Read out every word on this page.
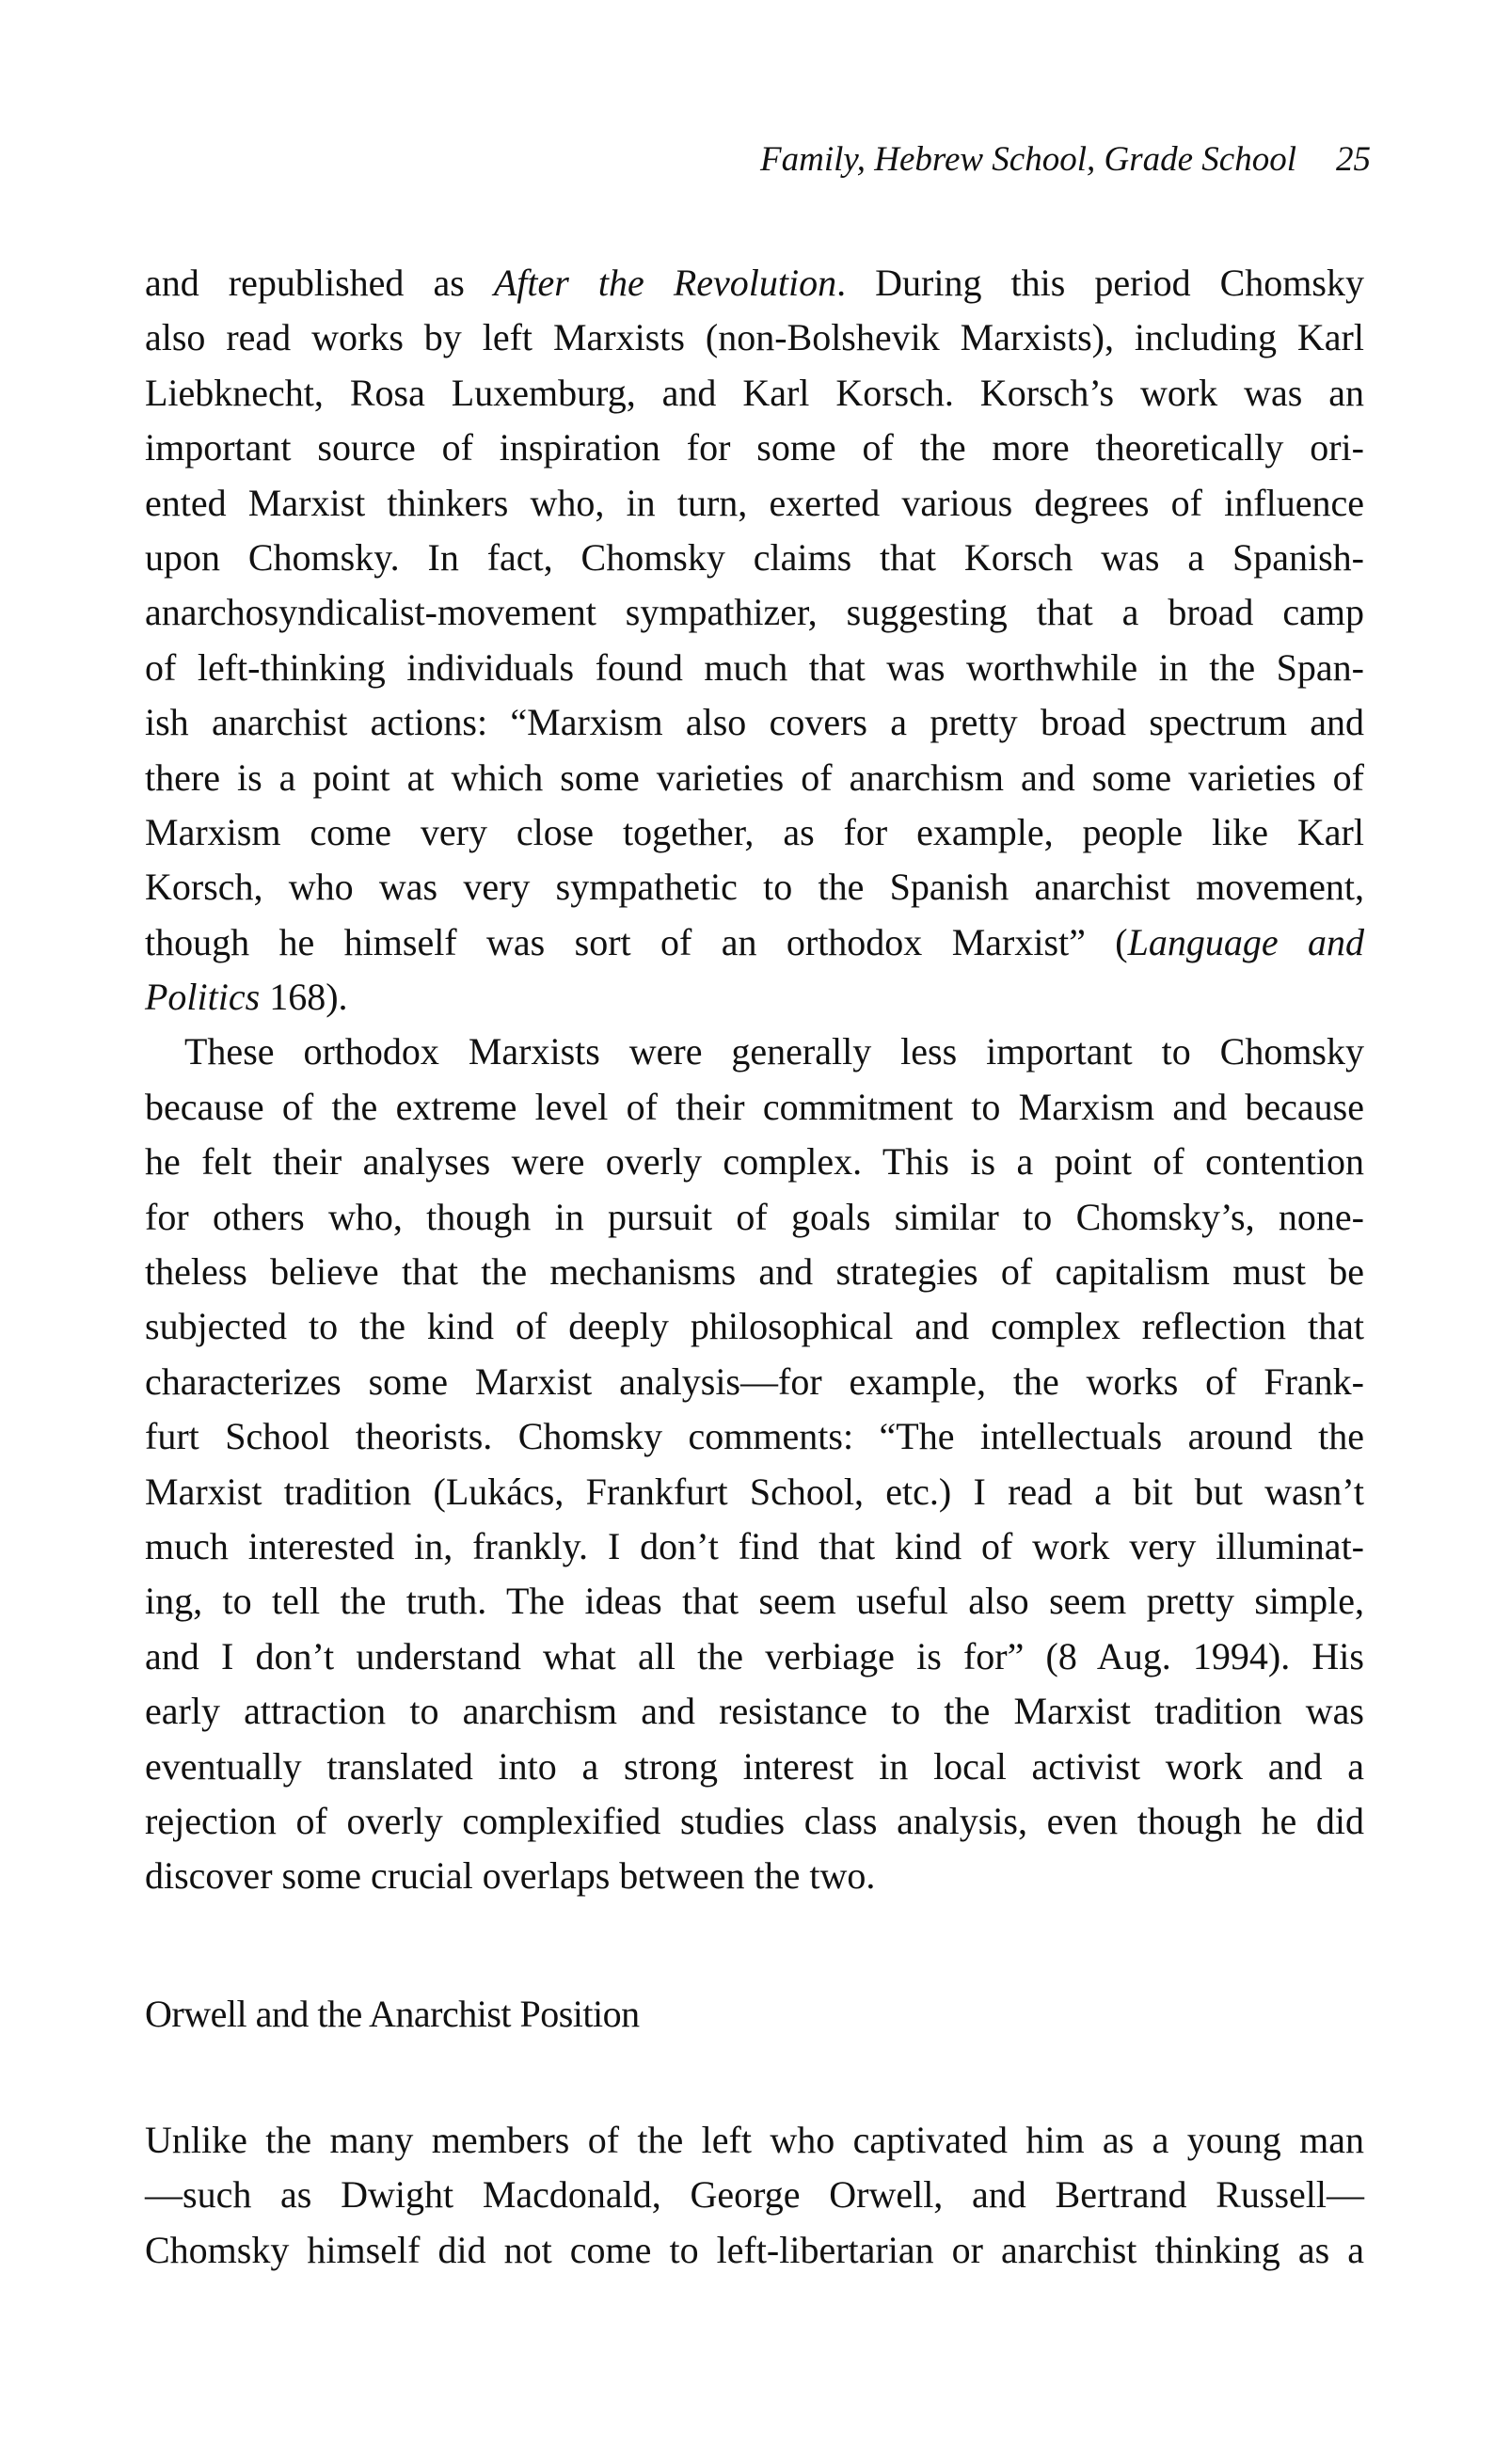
Family, Hebrew School, Grade School 25
and republished as After the Revolution. During this period Chomsky
also read works by left Marxists (non-Bolshevik Marxists), including Karl
Liebknecht, Rosa Luxemburg, and Karl Korsch. Korsch’s work was an
important source of inspiration for some of the more theoretically ori-
ented Marxist thinkers who, in turn, exerted various degrees of influence
upon Chomsky. In fact, Chomsky claims that Korsch was a Spanish-
anarchosyndicalist-movement sympathizer, suggesting that a broad camp
of left-thinking individuals found much that was worthwhile in the Span-
ish anarchist actions: “Marxism also covers a pretty broad spectrum and
there is a point at which some varieties of anarchism and some varieties of
Marxism come very close together, as for example, people like Karl
Korsch, who was very sympathetic to the Spanish anarchist movement,
though he himself was sort of an orthodox Marxist” (Language and
Politics 168).
These orthodox Marxists were generally less important to Chomsky
because of the extreme level of their commitment to Marxism and because
he felt their analyses were overly complex. This is a point of contention
for others who, though in pursuit of goals similar to Chomsky’s, none-
theless believe that the mechanisms and strategies of capitalism must be
subjected to the kind of deeply philosophical and complex reflection that
characterizes some Marxist analysis—for example, the works of Frank-
furt School theorists. Chomsky comments: “The intellectuals around the
Marxist tradition (Lukács, Frankfurt School, etc.) I read a bit but wasn’t
much interested in, frankly. I don’t find that kind of work very illuminat-
ing, to tell the truth. The ideas that seem useful also seem pretty simple,
and I don’t understand what all the verbiage is for” (8 Aug. 1994). His
early attraction to anarchism and resistance to the Marxist tradition was
eventually translated into a strong interest in local activist work and a
rejection of overly complexified studies class analysis, even though he did
discover some crucial overlaps between the two.
Orwell and the Anarchist Position
Unlike the many members of the left who captivated him as a young man
—such as Dwight Macdonald, George Orwell, and Bertrand Russell—
Chomsky himself did not come to left-libertarian or anarchist thinking as a
